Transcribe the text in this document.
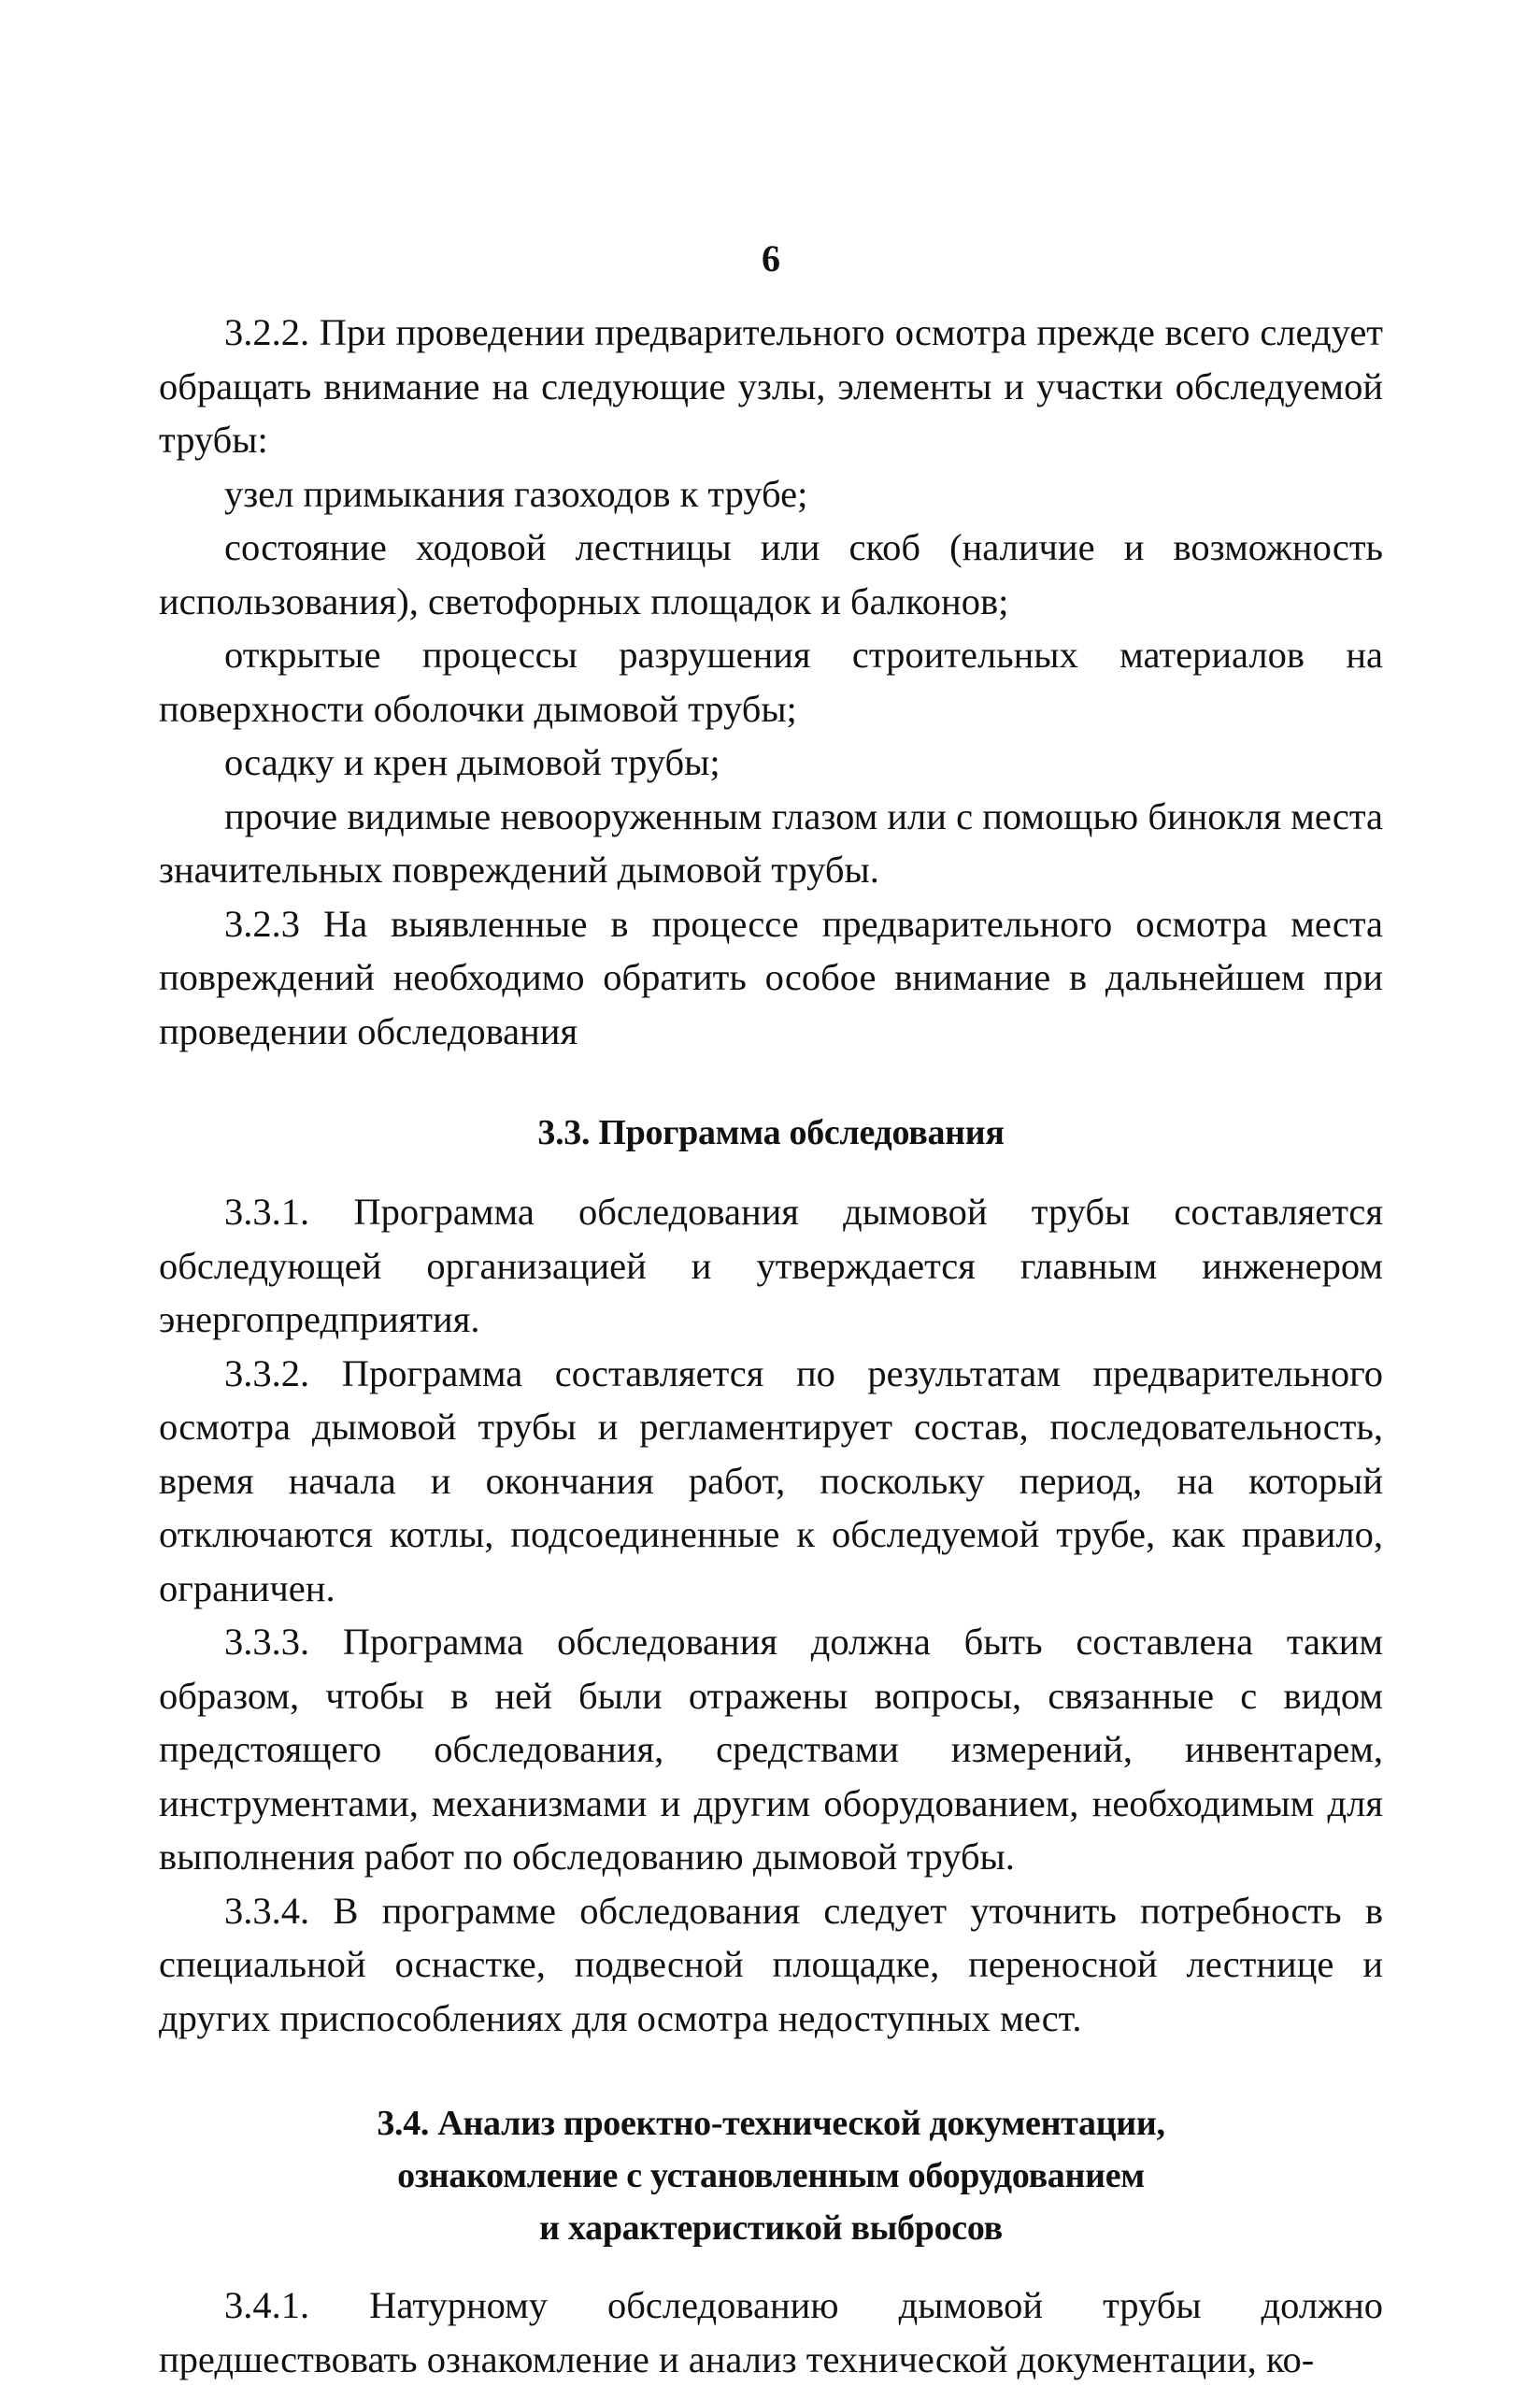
6

3.2.2. При проведении предварительного осмотра прежде всего следует обращать внимание на следующие узлы, элементы и участки обследуемой трубы:

узел примыкания газоходов к трубе;

состояние ходовой лестницы или скоб (наличие и возможность использования), светофорных площадок и балконов;

открытые процессы разрушения строительных материалов на поверхности оболочки дымовой трубы;

осадку и крен дымовой трубы;

прочие видимые невооруженным глазом или с помощью бинокля места значительных повреждений дымовой трубы.

3.2.3 На выявленные в процессе предварительного осмотра места повреждений необходимо обратить особое внимание в дальнейшем при проведении обследования

3.3. Программа обследования

3.3.1. Программа обследования дымовой трубы составляется обследующей организацией и утверждается главным инженером энергопредприятия.

3.3.2. Программа составляется по результатам предварительного осмотра дымовой трубы и регламентирует состав, последовательность, время начала и окончания работ, поскольку период, на который отключаются котлы, подсоединенные к обследуемой трубе, как правило, ограничен.

3.3.3. Программа обследования должна быть составлена таким образом, чтобы в ней были отражены вопросы, связанные с видом предстоящего обследования, средствами измерений, инвентарем, инструментами, механизмами и другим оборудованием, необходимым для выполнения работ по обследованию дымовой трубы.

3.3.4. В программе обследования следует уточнить потребность в специальной оснастке, подвесной площадке, переносной лестнице и других приспособлениях для осмотра недоступных мест.

3.4. Анализ проектно-технической документации,
ознакомление с установленным оборудованием
и характеристикой выбросов

3.4.1. Натурному обследованию дымовой трубы должно предшествовать ознакомление и анализ технической документации, ко-
